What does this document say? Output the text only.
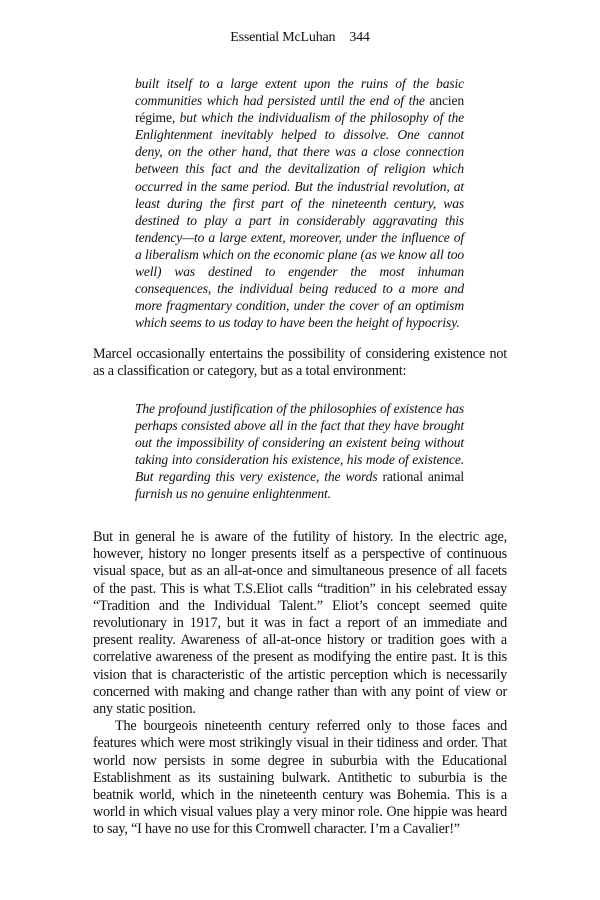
Essential McLuhan 344

built itself to a large extent upon the ruins of the basic communities which had persisted until the end of the ancien régime, but which the individualism of the philosophy of the Enlightenment inevitably helped to dissolve. One cannot deny, on the other hand, that there was a close connection between this fact and the devitalization of religion which occurred in the same period. But the industrial revolution, at least during the first part of the nineteenth century, was destined to play a part in considerably aggravating this tendency—to a large extent, moreover, under the influence of a liberalism which on the economic plane (as we know all too well) was destined to engender the most inhuman consequences, the individual being reduced to a more and more fragmentary condition, under the cover of an optimism which seems to us today to have been the height of hypocrisy.

Marcel occasionally entertains the possibility of considering existence not as a classification or category, but as a total environment:

The profound justification of the philosophies of existence has perhaps consisted above all in the fact that they have brought out the impossibility of considering an existent being without taking into consideration his existence, his mode of existence. But regarding this very existence, the words rational animal furnish us no genuine enlightenment.

But in general he is aware of the futility of history. In the electric age, however, history no longer presents itself as a perspective of continuous visual space, but as an all-at-once and simultaneous presence of all facets of the past. This is what T.S.Eliot calls “tradition” in his celebrated essay “Tradition and the Individual Talent.” Eliot’s concept seemed quite revolutionary in 1917, but it was in fact a report of an immediate and present reality. Awareness of all-at-once history or tradition goes with a correlative awareness of the present as modifying the entire past. It is this vision that is characteristic of the artistic perception which is necessarily concerned with making and change rather than with any point of view or any static position.

The bourgeois nineteenth century referred only to those faces and features which were most strikingly visual in their tidiness and order. That world now persists in some degree in suburbia with the Educational Establishment as its sustaining bulwark. Antithetic to suburbia is the beatnik world, which in the nineteenth century was Bohemia. This is a world in which visual values play a very minor role. One hippie was heard to say, “I have no use for this Cromwell character. I’m a Cavalier!”
